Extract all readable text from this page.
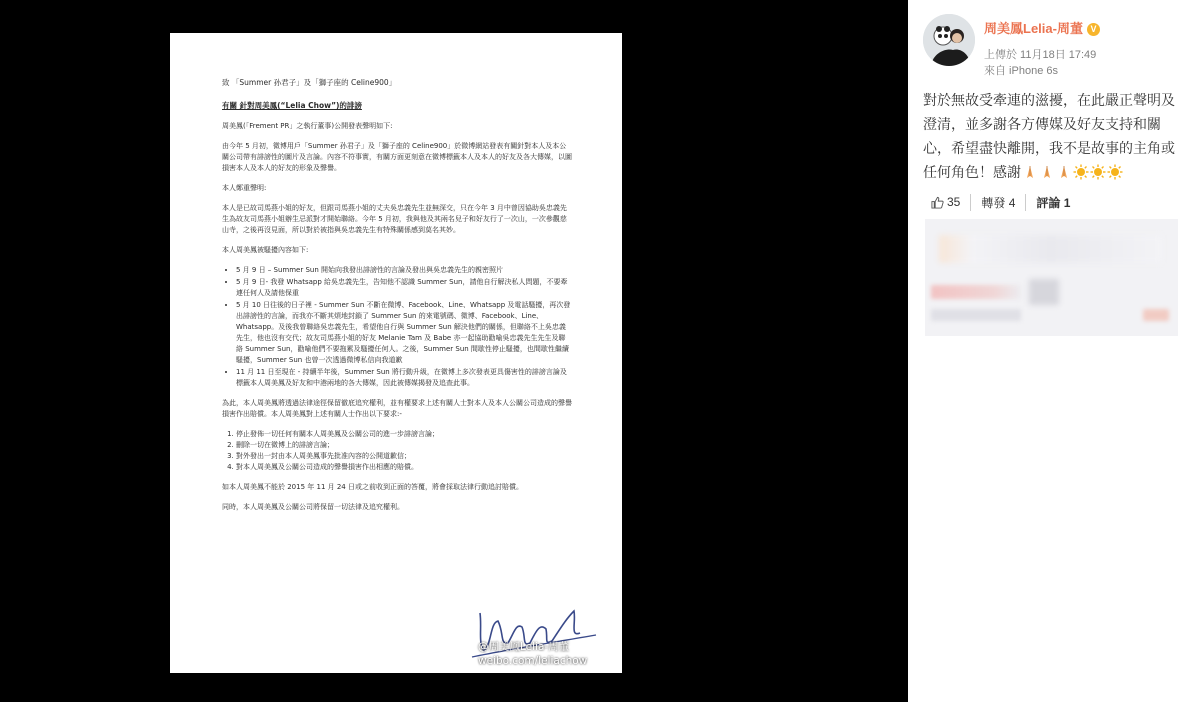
致 「Summer 孙君子」及「獅子座的 Celine900」

有關 針對周美鳳(“Lelia Chow”)的誹謗

周美鳳(「Frement PR」之執行董事)公開發表聲明如下:

由今年 5 月初，微博用戶「Summer 孙君子」及「獅子座的 Celine900」於微博網站發表有關針對本人及本公關公司帶有誹謗性的圖片及言論。內容不符事實，有關方面更刻意在微博標籤本人及本人的好友及各大傳媒，以圖損害本人及本人的好友的形象及聲譽。

本人鄭重聲明:

本人是已故司馬燕小姐的好友，但跟司馬燕小姐的丈夫吳忠義先生並無深交，只在今年 3 月中曾因協助吳忠義先生為故友司馬燕小姐辦生忌派對才開始聯絡。今年 5 月初，我與他及其兩名兒子和好友行了一次山，一次參觀慈山寺，之後再沒見面，所以對於被指與吳忠義先生有特殊關係感到莫名其妙。

本人周美鳳被騷擾內容如下:

• 5 月 9 日 – Summer Sun 開始向我發出誹謗性的言論及發出與吳忠義先生的親密照片
• 5 月 9 日- 我發 Whatsapp 給吳忠義先生，告知他不認識 Summer Sun，請他自行解決私人問題，不要牽連任何人及請他保重
• 5 月 10 日往後的日子裡 - Summer Sun 不斷在微博、Facebook、Line、Whatsapp 及電話騷擾，再次發出誹謗性的言論，而我亦不斷其煩地封鎖了 Summer Sun 的來電號碼、微博、Facebook、Line、Whatsapp。及後我曾聯絡吳忠義先生，希望他自行與 Summer Sun 解決他們的關係，但聯絡不上吳忠義先生，他也沒有交代；故友司馬燕小姐的好友 Melanie Tam 及 Babe 亦一起協助勸喻吳忠義先生先生及聯絡 Summer Sun，勸喻他們不要拖累及騷擾任何人。之後，Summer Sun 間歇性停止騷擾，也間歇性繼續騷擾，Summer Sun 也曾一次透過微博私信向我道歉
• 11 月 11 日至現在 - 持續半年後，Summer Sun 將行動升級，在微博上多次發表更具傷害性的誹謗言論及標籤本人周美鳳及好友和中港兩地的各大傳媒，因此被傳媒揭發及追查此事。

為此，本人周美鳳將透過法律途徑保留徹底追究權利，並有權要求上述有關人士對本人及本人公關公司造成的聲譽損害作出賠償。本人周美鳳對上述有關人士作出以下要求:-

1. 停止發佈一切任何有關本人周美鳳及公關公司的進一步誹謗言論；
2. 刪除一切在微博上的誹謗言論；
3. 對外發出一封由本人周美鳳事先批准內容的公開道歉信；
4. 對本人周美鳳及公關公司造成的聲譽損害作出相應的賠償。

如本人周美鳳不能於 2015 年 11 月 24 日或之前收到正面的答覆，將會採取法律行動追討賠償。

同時，本人周美鳳及公關公司將保留一切法律及追究權利。

@周美鳳Lelia-周董
weibo.com/leliachow
周美鳳Lelia-周董 V
上傳於 11月18日 17:49
來自 iPhone 6s
對於無故受牽連的滋擾，在此嚴正聲明及澄清，並多謝各方傳媒及好友支持和關心，希望盡快離開，我不是故事的主角或任何角色！感謝
35	轉發 4	評論 1
